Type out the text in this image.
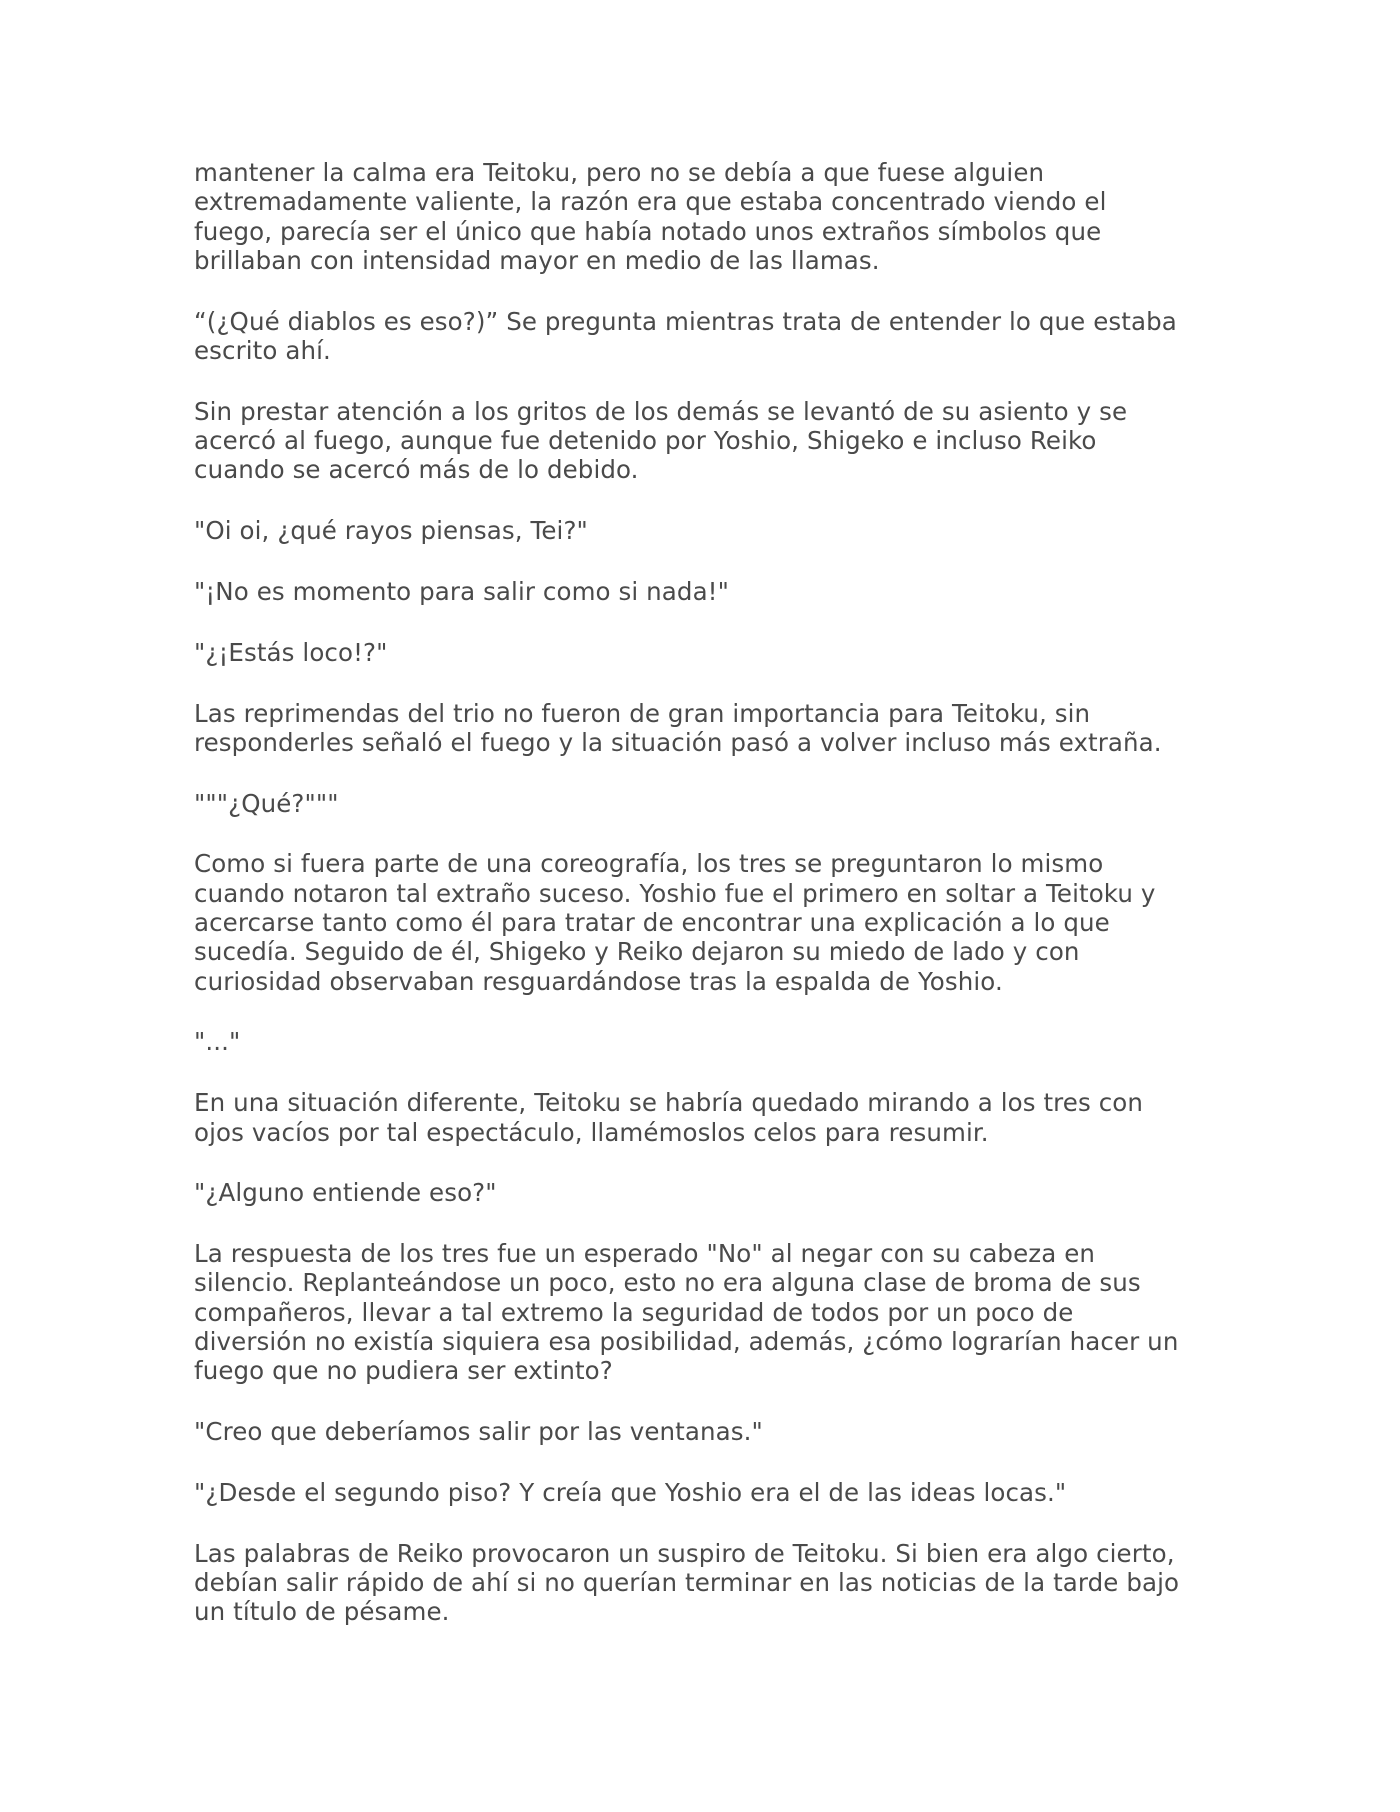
mantener la calma era Teitoku, pero no se debía a que fuese alguien
extremadamente valiente, la razón era que estaba concentrado viendo el
fuego, parecía ser el único que había notado unos extraños símbolos que
brillaban con intensidad mayor en medio de las llamas.

“(¿Qué diablos es eso?)” Se pregunta mientras trata de entender lo que estaba
escrito ahí.

Sin prestar atención a los gritos de los demás se levantó de su asiento y se
acercó al fuego, aunque fue detenido por Yoshio, Shigeko e incluso Reiko
cuando se acercó más de lo debido.

"Oi oi, ¿qué rayos piensas, Tei?"

"¡No es momento para salir como si nada!"

"¿¡Estás loco!?"

Las reprimendas del trio no fueron de gran importancia para Teitoku, sin
responderles señaló el fuego y la situación pasó a volver incluso más extraña.

"""¿Qué?"""

Como si fuera parte de una coreografía, los tres se preguntaron lo mismo
cuando notaron tal extraño suceso. Yoshio fue el primero en soltar a Teitoku y
acercarse tanto como él para tratar de encontrar una explicación a lo que
sucedía. Seguido de él, Shigeko y Reiko dejaron su miedo de lado y con
curiosidad observaban resguardándose tras la espalda de Yoshio.

"..."

En una situación diferente, Teitoku se habría quedado mirando a los tres con
ojos vacíos por tal espectáculo, llamémoslos celos para resumir.

"¿Alguno entiende eso?"

La respuesta de los tres fue un esperado "No" al negar con su cabeza en
silencio. Replanteándose un poco, esto no era alguna clase de broma de sus
compañeros, llevar a tal extremo la seguridad de todos por un poco de
diversión no existía siquiera esa posibilidad, además, ¿cómo lograrían hacer un
fuego que no pudiera ser extinto?

"Creo que deberíamos salir por las ventanas."

"¿Desde el segundo piso? Y creía que Yoshio era el de las ideas locas."

Las palabras de Reiko provocaron un suspiro de Teitoku. Si bien era algo cierto,
debían salir rápido de ahí si no querían terminar en las noticias de la tarde bajo
un título de pésame.
